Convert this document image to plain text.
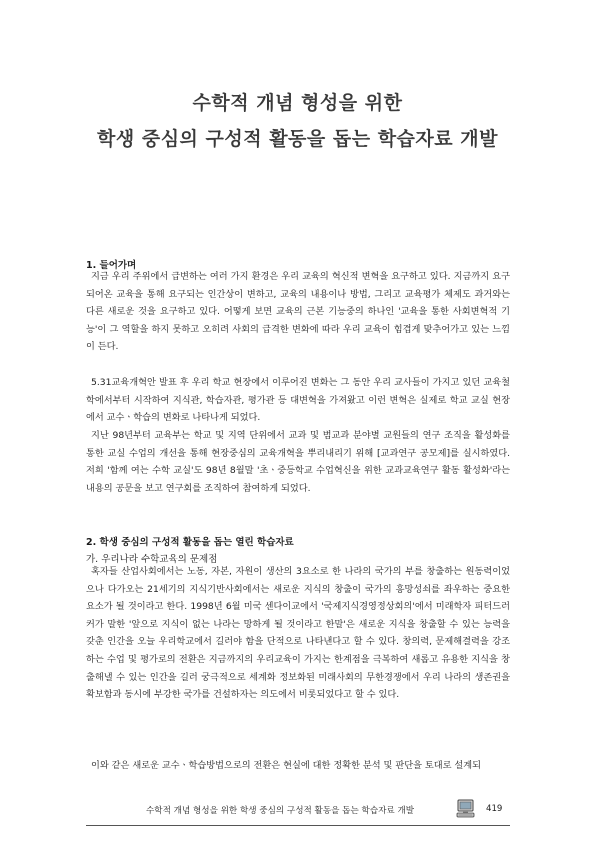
수학적 개념 형성을 위한
학생 중심의 구성적 활동을 돕는 학습자료 개발
1. 들어가며
지금 우리 주위에서 급변하는 여러 가지 환경은 우리 교육의 혁신적 변혁을 요구하고 있다. 지금까지 요구되어온 교육을 통해 요구되는 인간상이 변하고, 교육의 내용이나 방법, 그리고 교육평가 체제도 과거와는 다른 새로운 것을 요구하고 있다. 어떻게 보면 교육의 근본 기능중의 하나인 '교육을 통한 사회변혁적 기능'이 그 역할을 하지 못하고 오히려 사회의 급격한 변화에 따라 우리 교육이 힘겹게 맞추어가고 있는 느낌이 든다.
5.31교육개혁안 발표 후 우리 학교 현장에서 이루어진 변화는 그 동안 우리 교사들이 가지고 있던 교육철학에서부터 시작하여 지식관, 학습자관, 평가관 등 대변혁을 가져왔고 이런 변혁은 실제로 학교 교실 현장에서 교수ㆍ학습의 변화로 나타나게 되었다.
지난 98년부터 교육부는 학교 및 지역 단위에서 교과 및 범교과 분야별 교원들의 연구 조직을 활성화를 통한 교실 수업의 개선을 통해 현장중심의 교육개혁을 뿌리내리기 위해 [교과연구 공모제]를 실시하였다. 저희 '함께 여는 수학 교실'도 98년 8월말 '초ㆍ중등학교 수업혁신을 위한 교과교육연구 활동 활성화'라는 내용의 공문을 보고 연구회를 조직하여 참여하게 되었다.
2. 학생 중심의 구성적 활동을 돕는 열린 학습자료
가. 우리나라 수학교육의 문제점
혹자들 산업사회에서는 노동, 자본, 자원이 생산의 3요소로 한 나라의 국가의 부를 창출하는 원동력이었으나 다가오는 21세기의 지식기반사회에서는 새로운 지식의 창출이 국가의 흥망성쇠를 좌우하는 중요한 요소가 될 것이라고 한다. 1998년 6월 미국 센다이교에서 '국제지식경영정상회의'에서 미래학자 피터드러커가 말한 '앞으로 지식이 없는 나라는 망하게 될 것이라고 한말'은 새로운 지식을 창출할 수 있는 능력을 갖춘 인간을 오늘 우리학교에서 길러야 함을 단적으로 나타낸다고 할 수 있다. 창의력, 문제해결력을 강조하는 수업 및 평가로의 전환은 지금까지의 우리교육이 가지는 한계점을 극복하여 새롭고 유용한 지식을 창출해낼 수 있는 인간을 길러 궁극적으로 세계화 정보화된 미래사회의 무한경쟁에서 우리 나라의 생존권을 확보함과 동시에 부강한 국가를 건설하자는 의도에서 비롯되었다고 할 수 있다.
이와 같은 새로운 교수ㆍ학습방법으로의 전환은 현실에 대한 정확한 분석 및 판단을 토대로 설계되
수학적 개념 형성을 위한 학생 중심의 구성적 활동을 돕는 학습자료 개발	419
